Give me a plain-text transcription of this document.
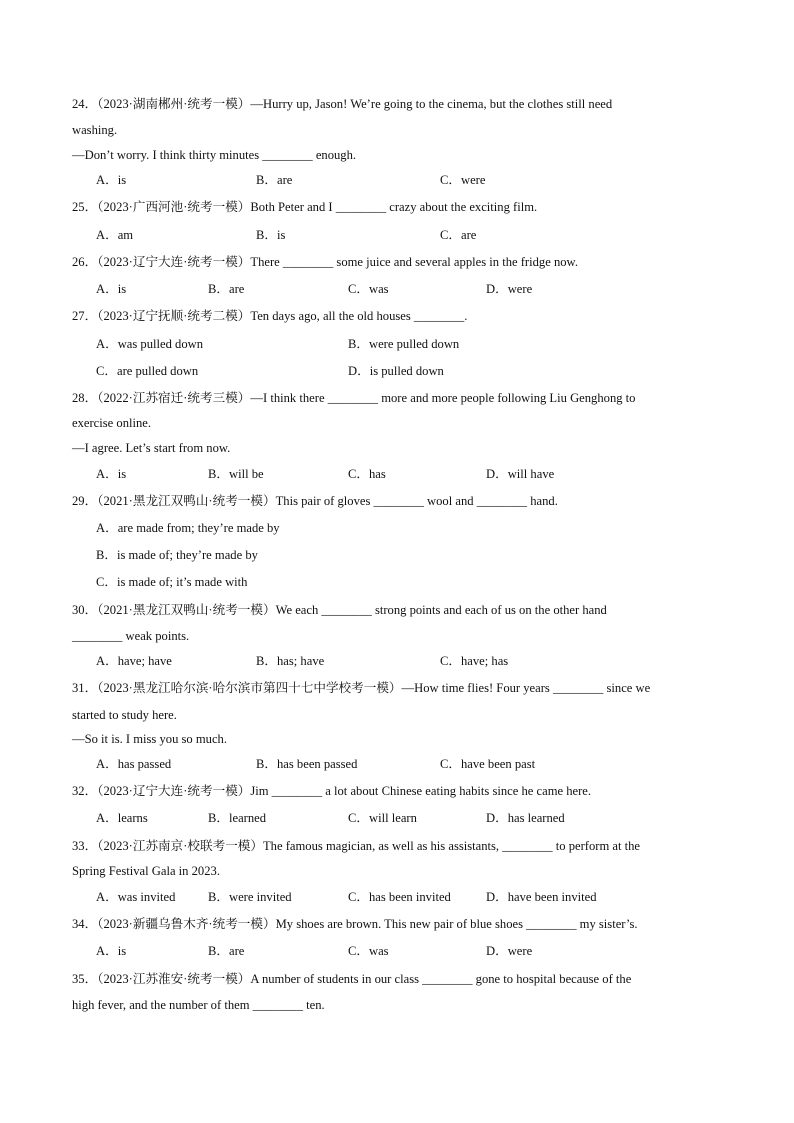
24．（2023·湖南郴州·统考一模）—Hurry up, Jason! We’re going to the cinema, but the clothes still need
washing.
—Don’t worry. I think thirty minutes ________ enough.
A．is	B．are	C．were
25．（2023·广西河池·统考一模）Both Peter and I ________ crazy about the exciting film.
A．am	B．is	C．are
26．（2023·辽宁大连·统考一模）There ________ some juice and several apples in the fridge now.
A．is	B．are	C．was	D．were
27．（2023·辽宁抚顺·统考二模）Ten days ago, all the old houses ________.
A．was pulled down	B．were pulled down
C．are pulled down	D．is pulled down
28．（2022·江苏宿迁·统考三模）—I think there ________ more and more people following Liu Genghong to
exercise online.
—I agree. Let’s start from now.
A．is	B．will be	C．has	D．will have
29．（2021·黑龙江双鸭山·统考一模）This pair of gloves ________ wool and ________ hand.
A．are made from; they’re made by
B．is made of; they’re made by
C．is made of; it’s made with
30．（2021·黑龙江双鸭山·统考一模）We each ________ strong points and each of us on the other hand
________ weak points.
A．have; have	B．has; have	C．have; has
31．（2023·黑龙江哈尔滨·哈尔滨市第四十七中学校考一模）—How time flies! Four years ________ since we
started to study here.
—So it is. I miss you so much.
A．has passed	B．has been passed	C．have been past
32．（2023·辽宁大连·统考一模）Jim ________ a lot about Chinese eating habits since he came here.
A．learns	B．learned	C．will learn	D．has learned
33．（2023·江苏南京·校联考一模）The famous magician, as well as his assistants, ________ to perform at the
Spring Festival Gala in 2023.
A．was invited	B．were invited	C．has been invited	D．have been invited
34．（2023·新疆乌鲁木齐·统考一模）My shoes are brown. This new pair of blue shoes ________ my sister’s.
A．is	B．are	C．was	D．were
35．（2023·江苏淮安·统考一模）A number of students in our class ________ gone to hospital because of the
high fever, and the number of them ________ ten.
